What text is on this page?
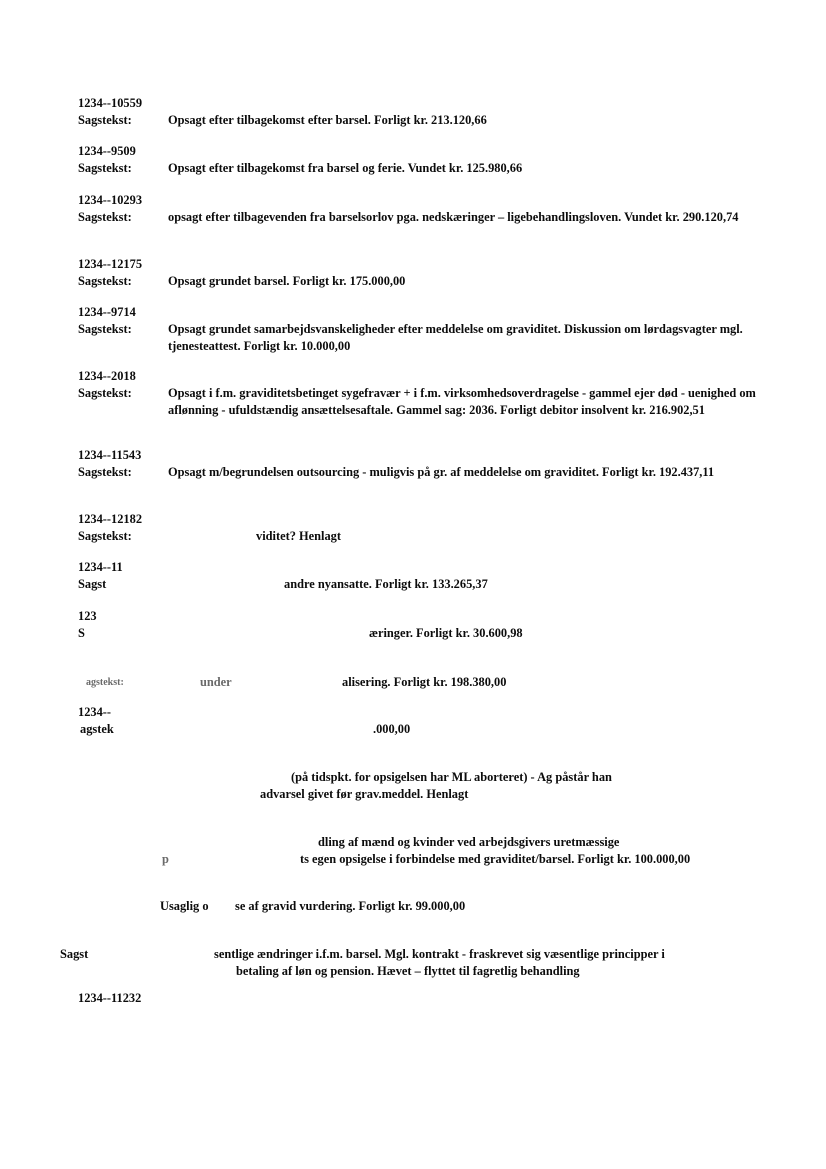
1234--10559
Sagstekst:	Opsagt efter tilbagekomst efter barsel. Forligt kr. 213.120,66
1234--9509
Sagstekst:	Opsagt efter tilbagekomst fra barsel og ferie. Vundet kr. 125.980,66
1234--10293
Sagstekst:	opsagt efter tilbagevenden fra barselsorlov pga. nedskæringer – ligebehandlingsloven. Vundet kr. 290.120,74
1234--12175
Sagstekst:	Opsagt grundet barsel. Forligt kr. 175.000,00
1234--9714
Sagstekst:	Opsagt grundet samarbejdsvanskeligheder efter meddelelse om graviditet. Diskussion om lørdagsvagter mgl. tjenesteattest. Forligt kr. 10.000,00
1234--2018
Sagstekst:	Opsagt i f.m. graviditetsbetinget sygefravær + i f.m. virksomhedsoverdragelse - gammel ejer død - uenighed om aflønning - ufuldstændig ansættelsesaftale. Gammel sag: 2036. Forligt debitor insolvent kr. 216.902,51
1234--11543
Sagstekst:	Opsagt m/begrundelsen outsourcing - muligvis på gr. af meddelelse om graviditet. Forligt kr. 192.437,11
1234--12182
Sagstekst:	viditet? Henlagt
1234--11
Sagst	andre nyansatte. Forligt kr. 133.265,37
123
S	æringer. Forligt kr. 30.600,98
agstekst:	under	alisering. Forligt kr. 198.380,00
1234--
agstek	.000,00
(på tidspkt. for opsigelsen har ML aborteret) - Ag påstår han
advarsel givet før grav.meddel. Henlagt
dling af mænd og kvinder ved arbejdsgivers uretmæssige
p	ts egen opsigelse i forbindelse med graviditet/barsel. Forligt kr. 100.000,00
Usaglig o se af gravid vurdering. Forligt kr. 99.000,00
Sagst	sentlige ændringer i.f.m. barsel. Mgl. kontrakt - fraskrevet sig væsentlige principper i
betaling af løn og pension. Hævet – flyttet til fagretlig behandling
1234--11232
